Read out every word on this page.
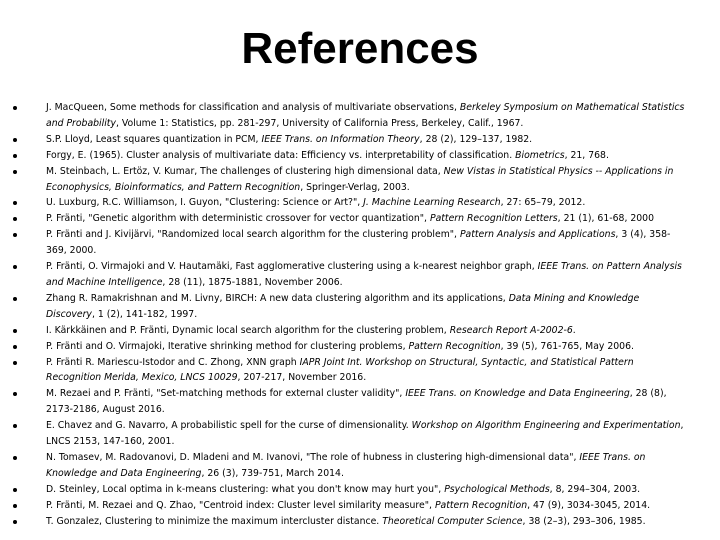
References
J. MacQueen, Some methods for classification and analysis of multivariate observations, Berkeley Symposium on Mathematical Statistics and Probability, Volume 1: Statistics, pp. 281-297, University of California Press, Berkeley, Calif., 1967.
S.P. Lloyd, Least squares quantization in PCM, IEEE Trans. on Information Theory, 28 (2), 129–137, 1982.
Forgy, E. (1965). Cluster analysis of multivariate data: Efficiency vs. interpretability of classification. Biometrics, 21, 768.
M. Steinbach, L. Ertöz, V. Kumar, The challenges of clustering high dimensional data, New Vistas in Statistical Physics -- Applications in Econophysics, Bioinformatics, and Pattern Recognition, Springer-Verlag, 2003.
U. Luxburg, R.C. Williamson, I. Guyon, "Clustering: Science or Art?", J. Machine Learning Research, 27: 65–79, 2012.
P. Fränti, "Genetic algorithm with deterministic crossover for vector quantization", Pattern Recognition Letters, 21 (1), 61-68, 2000
P. Fränti and J. Kivijärvi, "Randomized local search algorithm for the clustering problem", Pattern Analysis and Applications, 3 (4), 358-369, 2000.
P. Fränti, O. Virmajoki and V. Hautamäki, Fast agglomerative clustering using a k-nearest neighbor graph, IEEE Trans. on Pattern Analysis and Machine Intelligence, 28 (11), 1875-1881, November 2006.
Zhang R. Ramakrishnan and M. Livny, BIRCH: A new data clustering algorithm and its applications, Data Mining and Knowledge Discovery, 1 (2), 141-182, 1997.
I. Kärkkäinen and P. Fränti, Dynamic local search algorithm for the clustering problem, Research Report A-2002-6.
P. Fränti and O. Virmajoki, Iterative shrinking method for clustering problems, Pattern Recognition, 39 (5), 761-765, May 2006.
P. Fränti R. Mariescu-Istodor and C. Zhong, XNN graph IAPR Joint Int. Workshop on Structural, Syntactic, and Statistical Pattern Recognition Merida, Mexico, LNCS 10029, 207-217, November 2016.
M. Rezaei and P. Fränti, "Set-matching methods for external cluster validity", IEEE Trans. on Knowledge and Data Engineering, 28 (8), 2173-2186, August 2016.
E. Chavez and G. Navarro, A probabilistic spell for the curse of dimensionality. Workshop on Algorithm Engineering and Experimentation, LNCS 2153, 147-160, 2001.
N. Tomasev, M. Radovanovi, D. Mladeni and M. Ivanovi, "The role of hubness in clustering high-dimensional data", IEEE Trans. on Knowledge and Data Engineering, 26 (3), 739-751, March 2014.
D. Steinley, Local optima in k-means clustering: what you don't know may hurt you", Psychological Methods, 8, 294–304, 2003.
P. Fränti, M. Rezaei and Q. Zhao, "Centroid index: Cluster level similarity measure", Pattern Recognition, 47 (9), 3034-3045, 2014.
T. Gonzalez, Clustering to minimize the maximum intercluster distance. Theoretical Computer Science, 38 (2–3), 293–306, 1985.
